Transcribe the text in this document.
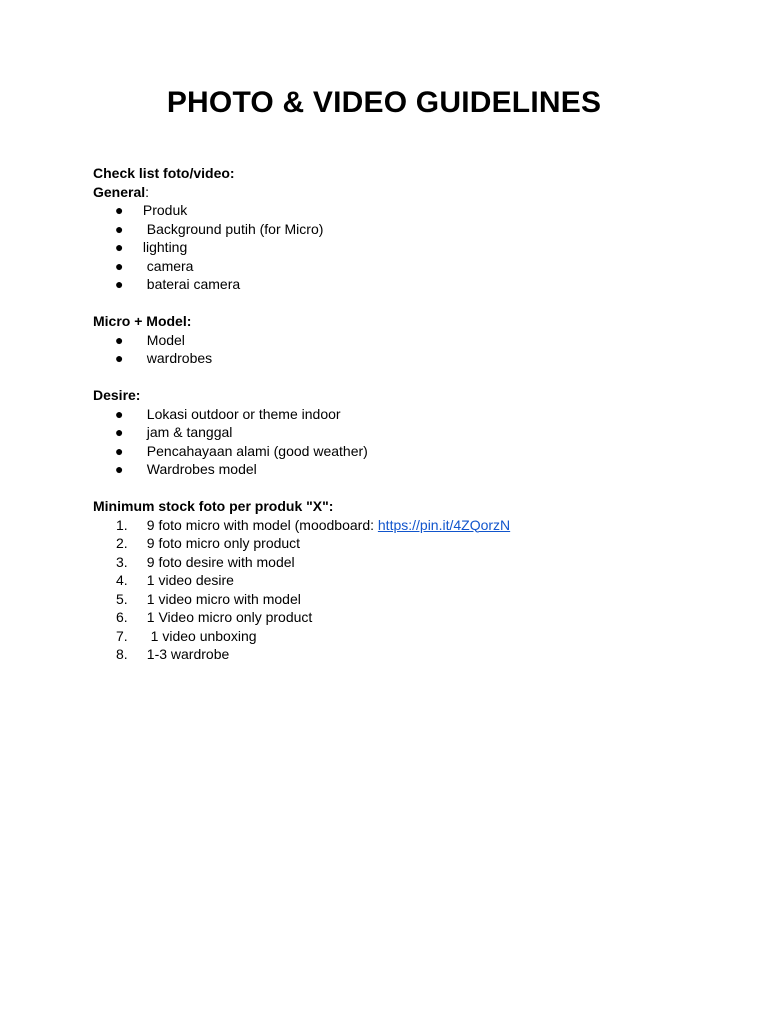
PHOTO & VIDEO GUIDELINES
Check list foto/video:
General:
● Produk
● Background putih (for Micro)
● lighting
● camera
● baterai camera
Micro + Model:
● Model
● wardrobes
Desire:
● Lokasi outdoor or theme indoor
● jam & tanggal
● Pencahayaan alami (good weather)
● Wardrobes model
Minimum stock foto per produk "X":
1. 9 foto micro with model (moodboard: https://pin.it/4ZQorzN
2. 9 foto micro only product
3. 9 foto desire with model
4. 1 video desire
5. 1 video micro with model
6. 1 Video micro only product
7. 1 video unboxing
8. 1-3 wardrobe
